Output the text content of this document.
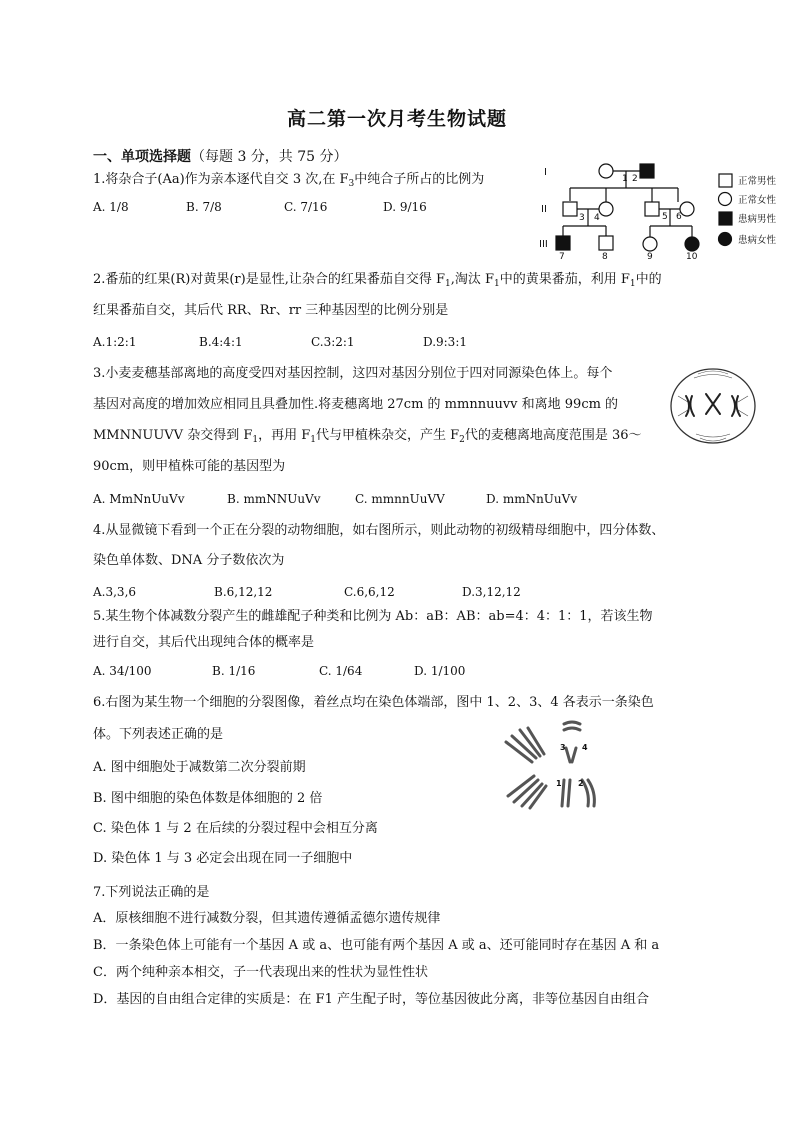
高二第一次月考生物试题
一、单项选择题（每题 3 分，共 75 分）
1.将杂合子(Aa)作为亲本逐代自交 3 次,在 $F_3$中纯合子所占的比例为
A. 1/8	B. 7/8	C. 7/16	D. 9/16
I
II
III
1 2
3 4	5 6
7	8	9	10
正常男性
正常女性
患病男性
患病女性
2.番茄的红果(R)对黄果(r)是显性,让杂合的红果番茄自交得 $F_1$,淘汰 $F_1$中的黄果番茄，利用 $F_1$中的
红果番茄自交，其后代 RR、Rr、rr 三种基因型的比例分别是
A.1:2:1	B.4:4:1	C.3:2:1	D.9:3:1
3.小麦麦穗基部离地的高度受四对基因控制，这四对基因分别位于四对同源染色体上。每个
基因对高度的增加效应相同且具叠加性.将麦穗离地 27cm 的 mmnnuuvv 和离地 99cm 的
MMNNUUVV 杂交得到 $F_1$，再用 $F_1$代与甲植株杂交，产生 $F_2$代的麦穗离地高度范围是 36～
90cm，则甲植株可能的基因型为
A. MmNnUuVv	B. mmNNUuVv	C. mmnnUuVV	D. mmNnUuVv
4.从显微镜下看到一个正在分裂的动物细胞，如右图所示，则此动物的初级精母细胞中，四分体数、
染色单体数、DNA 分子数依次为
A.3,3,6	B.6,12,12	C.6,6,12	D.3,12,12
5.某生物个体减数分裂产生的雌雄配子种类和比例为 Ab：aB：AB：ab=4：4：1：1，若该生物
进行自交，其后代出现纯合体的概率是
A. 34/100	B. 1/16	C. 1/64	D. 1/100
6.右图为某生物一个细胞的分裂图像，着丝点均在染色体端部，图中 1、2、3、4 各表示一条染色
体。下列表述正确的是
A. 图中细胞处于减数第二次分裂前期
B. 图中细胞的染色体数是体细胞的 2 倍
C. 染色体 1 与 2 在后续的分裂过程中会相互分离
D. 染色体 1 与 3 必定会出现在同一子细胞中
3 4
1 2
7.下列说法正确的是
A．原核细胞不进行减数分裂，但其遗传遵循孟德尔遗传规律
B．一条染色体上可能有一个基因 A 或 a、也可能有两个基因 A 或 a、还可能同时存在基因 A 和 a
C．两个纯种亲本相交，子一代表现出来的性状为显性性状
D．基因的自由组合定律的实质是：在 F1 产生配子时，等位基因彼此分离，非等位基因自由组合
